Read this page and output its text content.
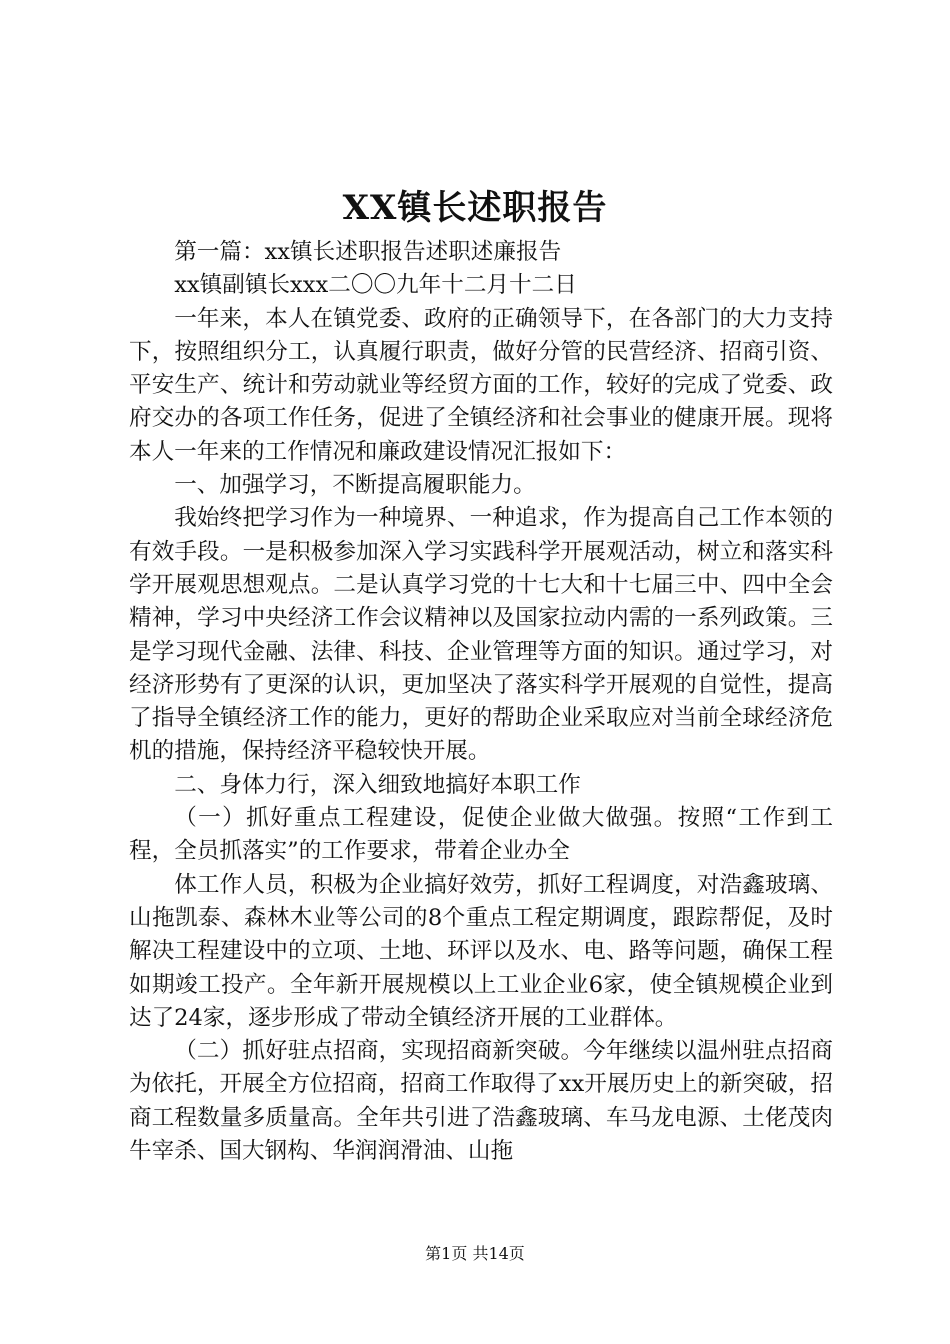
XX镇长述职报告

第一篇：xx镇长述职报告述职述廉报告

xx镇副镇长xxx二〇〇九年十二月十二日

一年来，本人在镇党委、政府的正确领导下，在各部门的大力支持下，按照组织分工，认真履行职责，做好分管的民营经济、招商引资、平安生产、统计和劳动就业等经贸方面的工作，较好的完成了党委、政府交办的各项工作任务，促进了全镇经济和社会事业的健康开展。现将本人一年来的工作情况和廉政建设情况汇报如下：

一、加强学习，不断提高履职能力。

我始终把学习作为一种境界、一种追求，作为提高自己工作本领的有效手段。一是积极参加深入学习实践科学开展观活动，树立和落实科学开展观思想观点。二是认真学习党的十七大和十七届三中、四中全会精神，学习中央经济工作会议精神以及国家拉动内需的一系列政策。三是学习现代金融、法律、科技、企业管理等方面的知识。通过学习，对经济形势有了更深的认识，更加坚决了落实科学开展观的自觉性，提高了指导全镇经济工作的能力，更好的帮助企业采取应对当前全球经济危机的措施，保持经济平稳较快开展。

二、身体力行，深入细致地搞好本职工作

（一）抓好重点工程建设，促使企业做大做强。按照“工作到工程，全员抓落实”的工作要求，带着企业办全

体工作人员，积极为企业搞好效劳，抓好工程调度，对浩鑫玻璃、山拖凯泰、森林木业等公司的8个重点工程定期调度，跟踪帮促，及时解决工程建设中的立项、土地、环评以及水、电、路等问题，确保工程如期竣工投产。全年新开展规模以上工业企业6家，使全镇规模企业到达了24家，逐步形成了带动全镇经济开展的工业群体。

（二）抓好驻点招商，实现招商新突破。今年继续以温州驻点招商为依托，开展全方位招商，招商工作取得了xx开展历史上的新突破，招商工程数量多质量高。全年共引进了浩鑫玻璃、车马龙电源、土佬茂肉牛宰杀、国大钢构、华润润滑油、山拖

第1页 共14页
